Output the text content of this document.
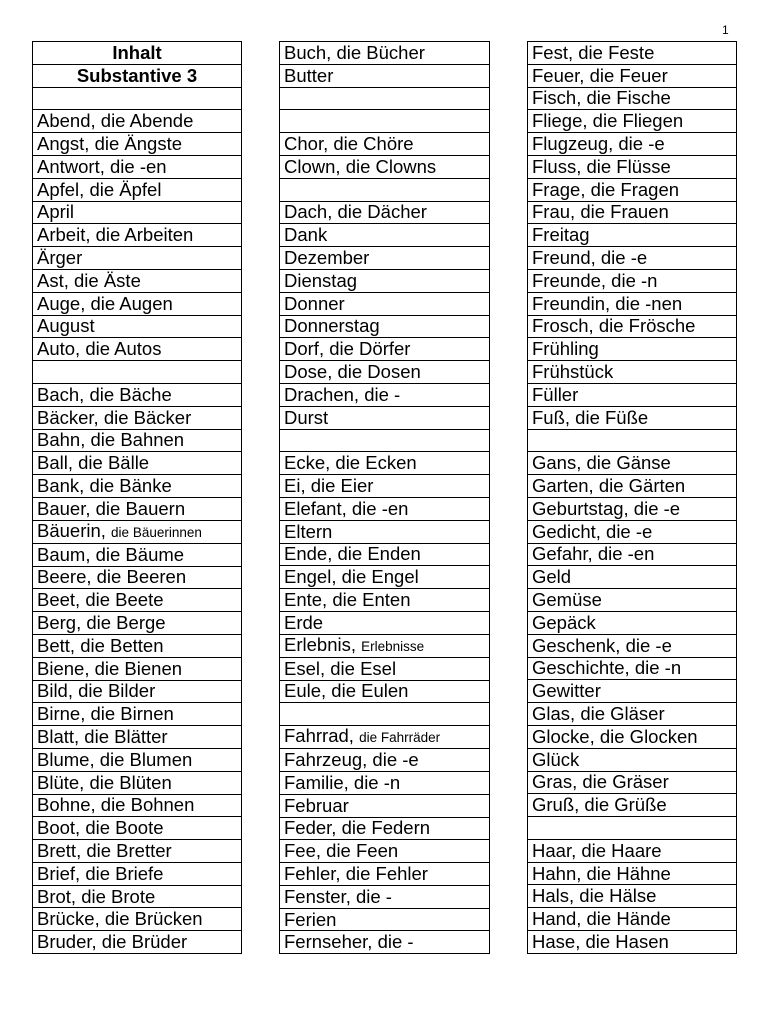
1
Inhalt
Substantive 3

Abend, die Abende
Angst, die Ängste
Antwort, die -en
Apfel, die Äpfel
April
Arbeit, die Arbeiten
Ärger
Ast, die Äste
Auge, die Augen
August
Auto, die Autos

Bach, die Bäche
Bäcker, die Bäcker
Bahn, die Bahnen
Ball, die Bälle
Bank, die Bänke
Bauer, die Bauern
Bäuerin, die Bäuerinnen
Baum, die Bäume
Beere, die Beeren
Beet, die Beete
Berg, die Berge
Bett, die Betten
Biene, die Bienen
Bild, die Bilder
Birne, die Birnen
Blatt, die Blätter
Blume, die Blumen
Blüte, die Blüten
Bohne, die Bohnen
Boot, die Boote
Brett, die Bretter
Brief, die Briefe
Brot, die Brote
Brücke, die Brücken
Bruder, die Brüder
Buch, die Bücher
Butter

Chor, die Chöre
Clown, die Clowns

Dach, die Dächer
Dank
Dezember
Dienstag
Donner
Donnerstag
Dorf, die Dörfer
Dose, die Dosen
Drachen, die -
Durst

Ecke, die Ecken
Ei, die Eier
Elefant, die -en
Eltern
Ende, die Enden
Engel, die Engel
Ente, die Enten
Erde
Erlebnis, Erlebnisse
Esel, die Esel
Eule, die Eulen

Fahrrad, die Fahrräder
Fahrzeug, die -e
Familie, die -n
Februar
Feder, die Federn
Fee, die Feen
Fehler, die Fehler
Fenster, die -
Ferien
Fernseher, die -
Fest, die Feste
Feuer, die Feuer
Fisch, die Fische
Fliege, die Fliegen
Flugzeug, die -e
Fluss, die Flüsse
Frage, die Fragen
Frau, die Frauen
Freitag
Freund, die -e
Freunde, die -n
Freundin, die -nen
Frosch, die Frösche
Frühling
Frühstück
Füller
Fuß, die Füße

Gans, die Gänse
Garten, die Gärten
Geburtstag, die -e
Gedicht, die -e
Gefahr, die -en
Geld
Gemüse
Gepäck
Geschenk, die -e
Geschichte, die -n
Gewitter
Glas, die Gläser
Glocke, die Glocken
Glück
Gras, die Gräser
Gruß, die Grüße

Haar, die Haare
Hahn, die Hähne
Hals, die Hälse
Hand, die Hände
Hase, die Hasen
